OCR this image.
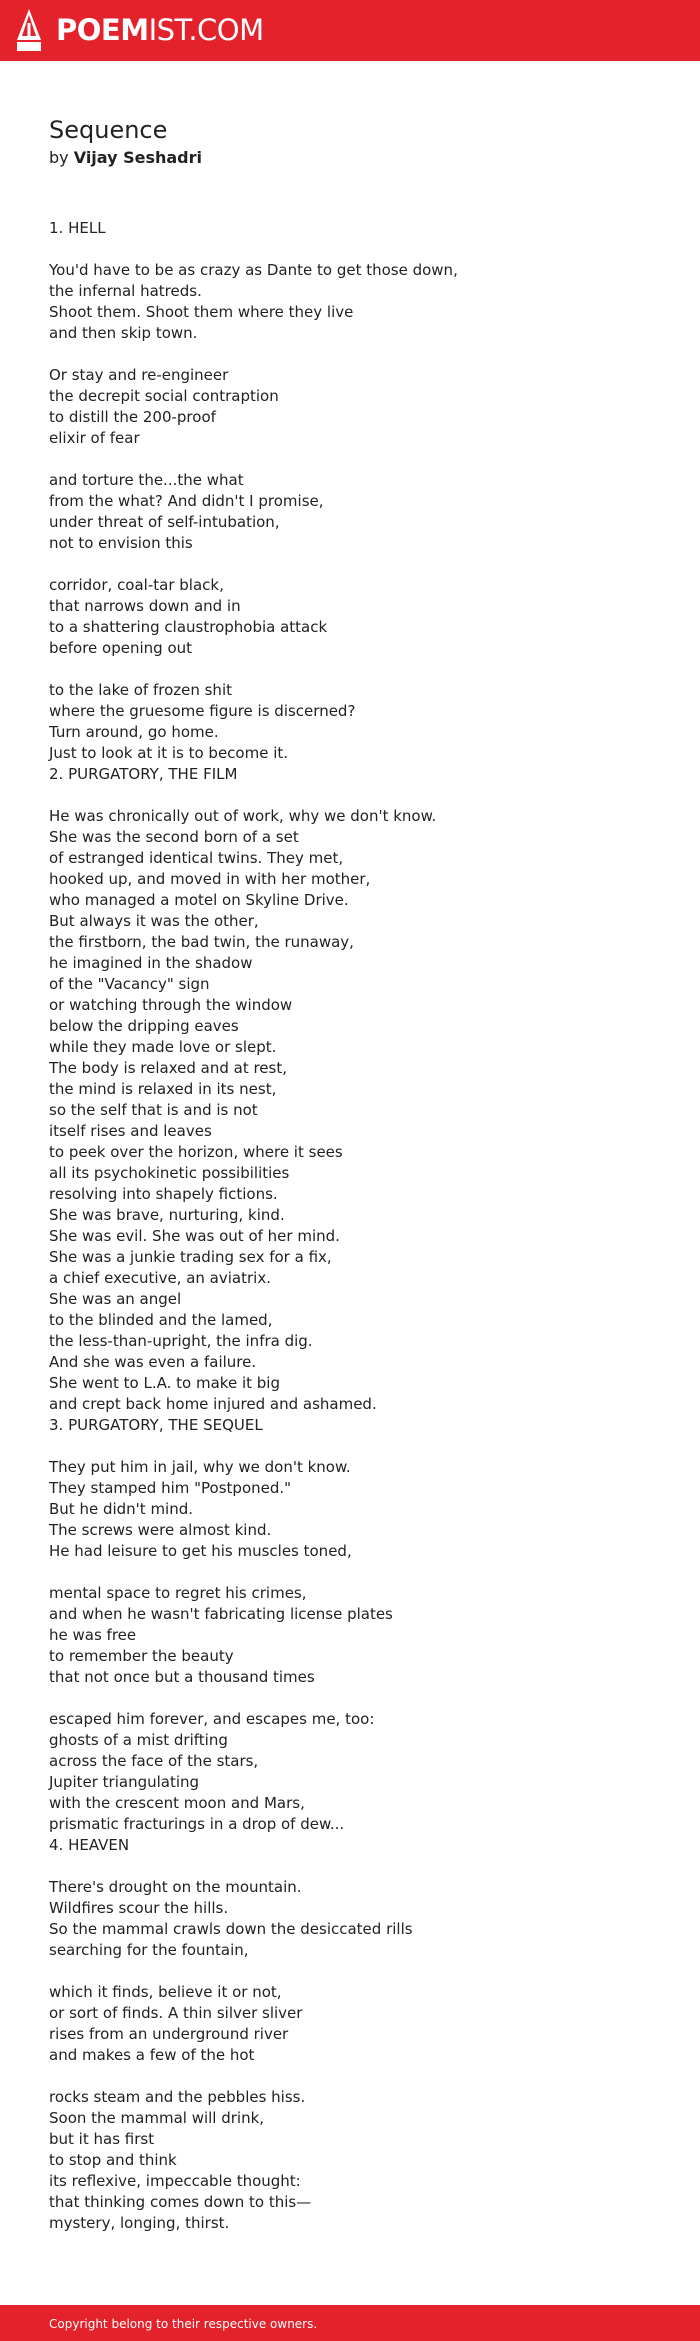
POEMIST.COM
Sequence
by Vijay Seshadri
1. HELL
You'd have to be as crazy as Dante to get those down,
the infernal hatreds.
Shoot them. Shoot them where they live
and then skip town.
Or stay and re-engineer
the decrepit social contraption
to distill the 200-proof
elixir of fear
and torture the...the what
from the what? And didn't I promise,
under threat of self-intubation,
not to envision this
corridor, coal-tar black,
that narrows down and in
to a shattering claustrophobia attack
before opening out
to the lake of frozen shit
where the gruesome figure is discerned?
Turn around, go home.
Just to look at it is to become it.
2. PURGATORY, THE FILM
He was chronically out of work, why we don't know.
She was the second born of a set
of estranged identical twins. They met,
hooked up, and moved in with her mother,
who managed a motel on Skyline Drive.
But always it was the other,
the firstborn, the bad twin, the runaway,
he imagined in the shadow
of the "Vacancy" sign
or watching through the window
below the dripping eaves
while they made love or slept.
The body is relaxed and at rest,
the mind is relaxed in its nest,
so the self that is and is not
itself rises and leaves
to peek over the horizon, where it sees
all its psychokinetic possibilities
resolving into shapely fictions.
She was brave, nurturing, kind.
She was evil. She was out of her mind.
She was a junkie trading sex for a fix,
a chief executive, an aviatrix.
She was an angel
to the blinded and the lamed,
the less-than-upright, the infra dig.
And she was even a failure.
She went to L.A. to make it big
and crept back home injured and ashamed.
3. PURGATORY, THE SEQUEL
They put him in jail, why we don't know.
They stamped him "Postponed."
But he didn't mind.
The screws were almost kind.
He had leisure to get his muscles toned,
mental space to regret his crimes,
and when he wasn't fabricating license plates
he was free
to remember the beauty
that not once but a thousand times
escaped him forever, and escapes me, too:
ghosts of a mist drifting
across the face of the stars,
Jupiter triangulating
with the crescent moon and Mars,
prismatic fracturings in a drop of dew...
4. HEAVEN
There's drought on the mountain.
Wildfires scour the hills.
So the mammal crawls down the desiccated rills
searching for the fountain,
which it finds, believe it or not,
or sort of finds. A thin silver sliver
rises from an underground river
and makes a few of the hot
rocks steam and the pebbles hiss.
Soon the mammal will drink,
but it has first
to stop and think
its reflexive, impeccable thought:
that thinking comes down to this—
mystery, longing, thirst.
Copyright belong to their respective owners.
